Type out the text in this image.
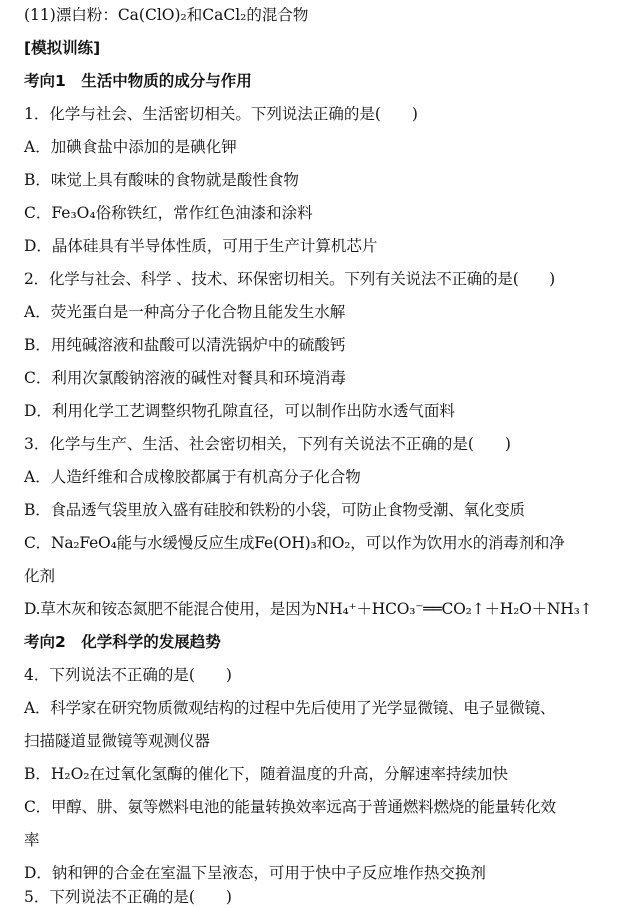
(11)漂白粉：Ca(ClO)₂和CaCl₂的混合物
[模拟训练]
考向1　生活中物质的成分与作用
1．化学与社会、生活密切相关。下列说法正确的是(　　)
A．加碘食盐中添加的是碘化钾
B．味觉上具有酸味的食物就是酸性食物
C．Fe₃O₄俗称铁红，常作红色油漆和涂料
D．晶体硅具有半导体性质，可用于生产计算机芯片
2．化学与社会、科学 、技术、环保密切相关。下列有关说法不正确的是(　　)
A．荧光蛋白是一种高分子化合物且能发生水解
B．用纯碱溶液和盐酸可以清洗锅炉中的硫酸钙
C．利用次氯酸钠溶液的碱性对餐具和环境消毒
D．利用化学工艺调整织物孔隙直径，可以制作出防水透气面料
3．化学与生产、生活、社会密切相关，下列有关说法不正确的是(　　)
A．人造纤维和合成橡胶都属于有机高分子化合物
B．食品透气袋里放入盛有硅胶和铁粉的小袋，可防止食物受潮、氧化变质
C．Na₂FeO₄能与水缓慢反应生成Fe(OH)₃和O₂，可以作为饮用水的消毒剂和净
化剂
D.草木灰和铵态氮肥不能混合使用，是因为NH₄⁺＋HCO₃⁻══CO₂↑＋H₂O＋NH₃↑
考向2　化学科学的发展趋势
4．下列说法不正确的是(　　)
A．科学家在研究物质微观结构的过程中先后使用了光学显微镜、电子显微镜、
扫描隧道显微镜等观测仪器
B．H₂O₂在过氧化氢酶的催化下，随着温度的升高，分解速率持续加快
C．甲醇、肼、氨等燃料电池的能量转换效率远高于普通燃料燃烧的能量转化效
率
D．钠和钾的合金在室温下呈液态，可用于快中子反应堆作热交换剂
5．下列说法不正确的是(　　)
